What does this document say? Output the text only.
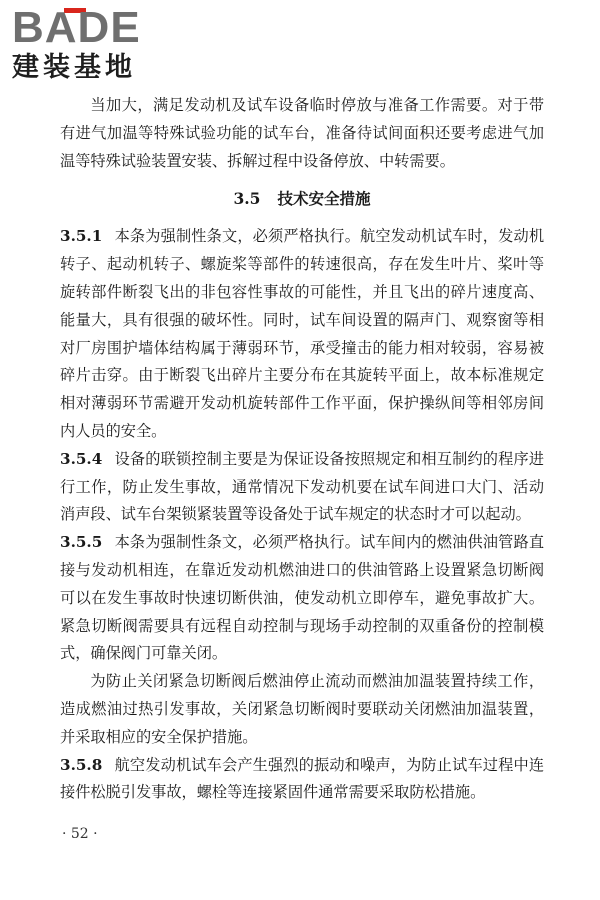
BADE
建装基地

当加大，满足发动机及试车设备临时停放与准备工作需要。对于带有进气加温等特殊试验功能的试车台，准备待试间面积还要考虑进气加温等特殊试验装置安装、拆解过程中设备停放、中转需要。

3.5 技术安全措施

3.5.1 本条为强制性条文，必须严格执行。航空发动机试车时，发动机转子、起动机转子、螺旋桨等部件的转速很高，存在发生叶片、桨叶等旋转部件断裂飞出的非包容性事故的可能性，并且飞出的碎片速度高、能量大，具有很强的破坏性。同时，试车间设置的隔声门、观察窗等相对厂房围护墙体结构属于薄弱环节，承受撞击的能力相对较弱，容易被碎片击穿。由于断裂飞出碎片主要分布在其旋转平面上，故本标准规定相对薄弱环节需避开发动机旋转部件工作平面，保护操纵间等相邻房间内人员的安全。

3.5.4 设备的联锁控制主要是为保证设备按照规定和相互制约的程序进行工作，防止发生事故，通常情况下发动机要在试车间进口大门、活动消声段、试车台架锁紧装置等设备处于试车规定的状态时才可以起动。

3.5.5 本条为强制性条文，必须严格执行。试车间内的燃油供油管路直接与发动机相连，在靠近发动机燃油进口的供油管路上设置紧急切断阀可以在发生事故时快速切断供油，使发动机立即停车，避免事故扩大。紧急切断阀需要具有远程自动控制与现场手动控制的双重备份的控制模式，确保阀门可靠关闭。

为防止关闭紧急切断阀后燃油停止流动而燃油加温装置持续工作，造成燃油过热引发事故，关闭紧急切断阀时要联动关闭燃油加温装置，并采取相应的安全保护措施。

3.5.8 航空发动机试车会产生强烈的振动和噪声，为防止试车过程中连接件松脱引发事故，螺栓等连接紧固件通常需要采取防松措施。

· 52 ·
